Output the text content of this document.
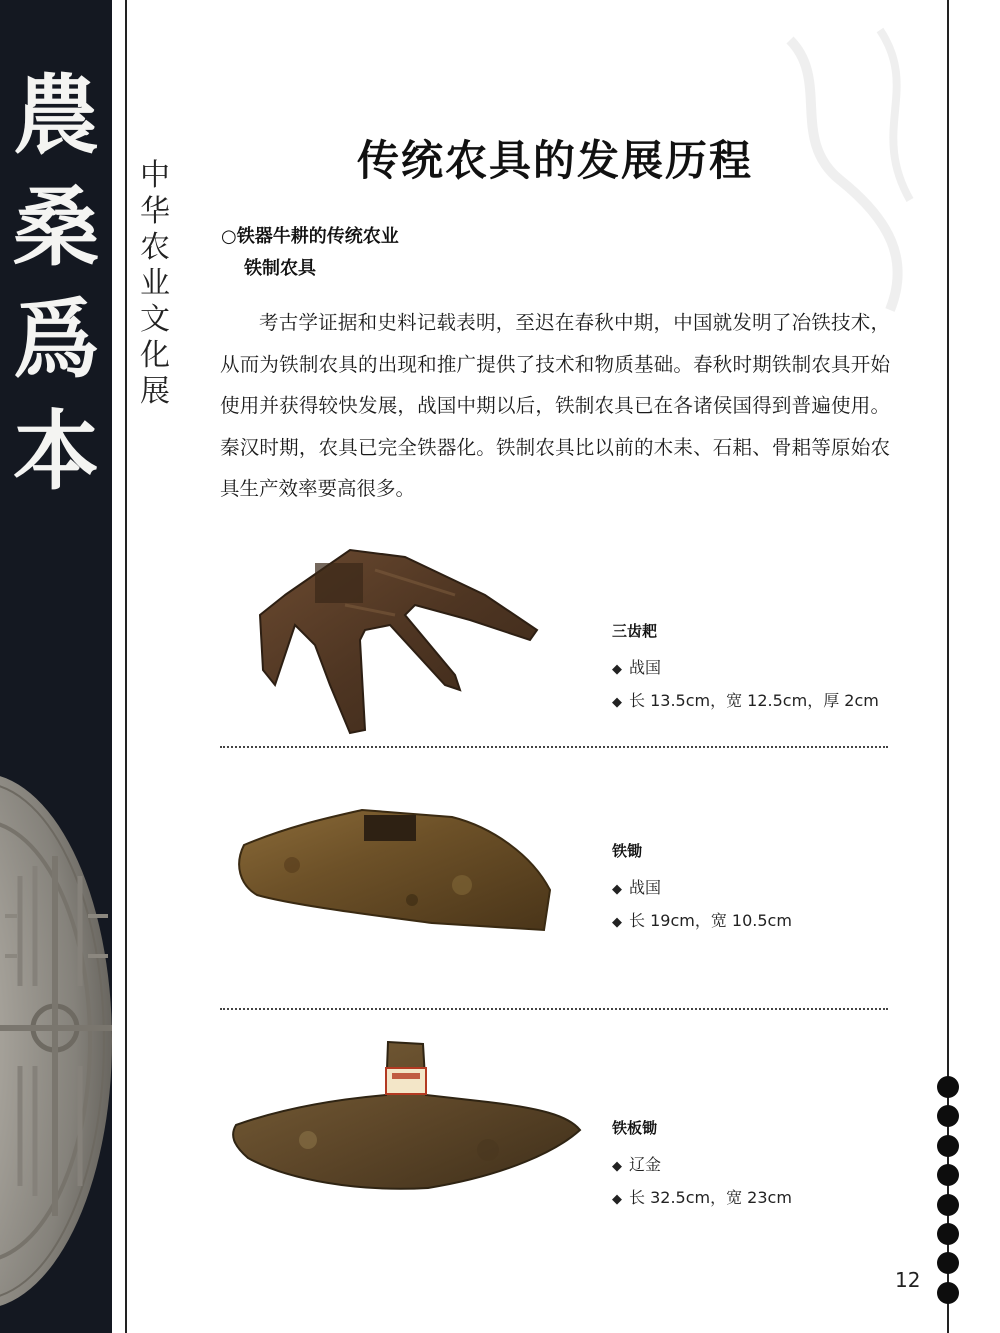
農
桑
爲
本
中
华
农
业
文
化
展
传统农具的发展历程
○铁器牛耕的传统农业
铁制农具
考古学证据和史料记载表明，至迟在春秋中期，中国就发明了冶铁技术，从而为铁制农具的出现和推广提供了技术和物质基础。春秋时期铁制农具开始使用并获得较快发展，战国中期以后，铁制农具已在各诸侯国得到普遍使用。秦汉时期，农具已完全铁器化。铁制农具比以前的木耒、石耜、骨耜等原始农具生产效率要高很多。
三齿耙
◆ 战国
◆ 长 13.5cm，宽 12.5cm，厚 2cm
铁锄
◆ 战国
◆ 长 19cm，宽 10.5cm
铁板锄
◆ 辽金
◆ 长 32.5cm，宽 23cm
12
